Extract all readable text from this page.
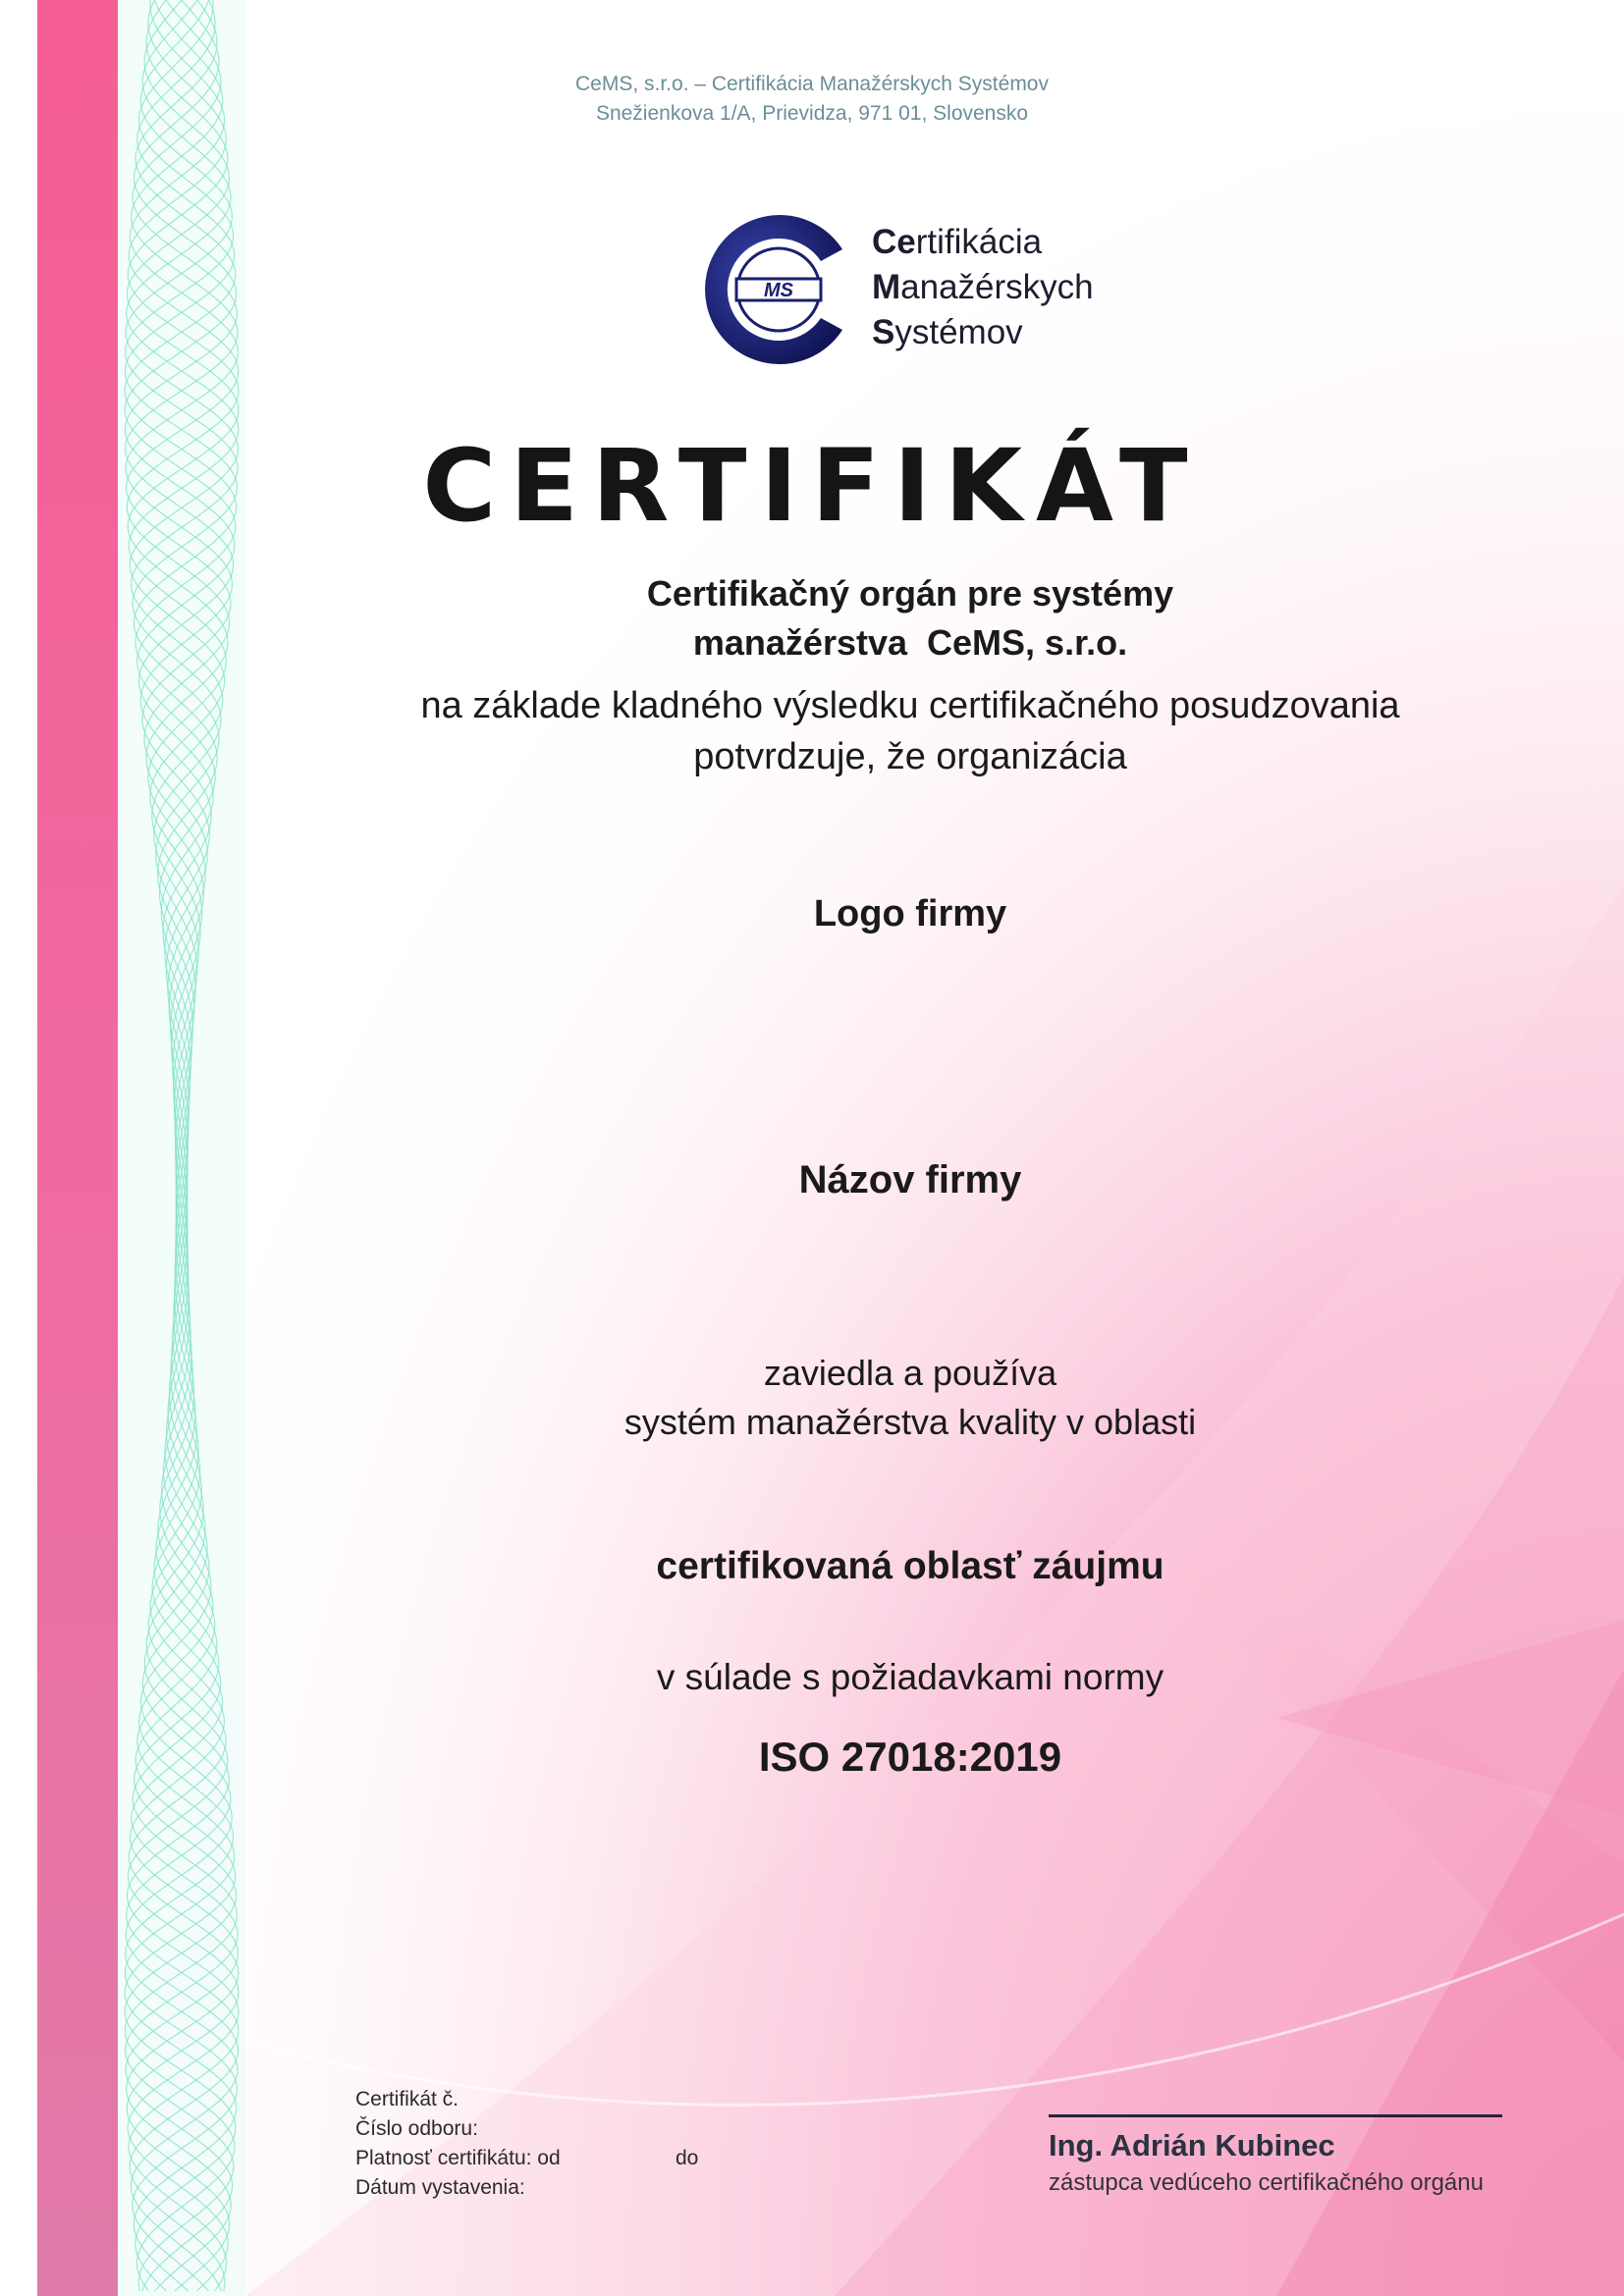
CeMS, s.r.o. – Certifikácia Manažérskych Systémov
Snežienkova 1/A, Prievidza, 971 01, Slovensko
MS
Certifikácia
Manažérskych
Systémov
CERTIFIKÁT
Certifikačný orgán pre systémy
manažérstva  CeMS, s.r.o.
na základe kladného výsledku certifikačného posudzovania
potvrdzuje, že organizácia
Logo firmy
Názov firmy
zaviedla a používa
systém manažérstva kvality v oblasti
certifikovaná oblasť záujmu
v súlade s požiadavkami normy
ISO 27018:2019
Certifikát č.
Číslo odboru:
Platnosť certifikátu: od	do
Dátum vystavenia:
Ing. Adrián Kubinec
zástupca vedúceho certifikačného orgánu
